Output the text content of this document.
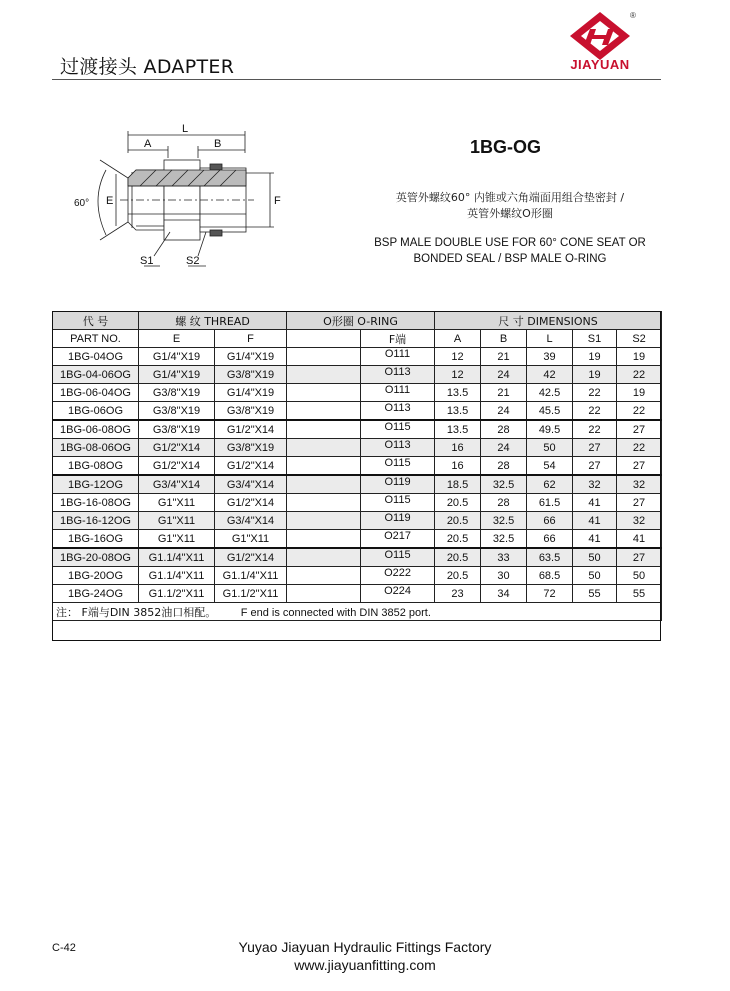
过渡接头 ADAPTER
®
JIAYUAN
L
A	B
E	F
60°
S1	S2
1BG-OG
英管外螺纹60° 内锥或六角端面用组合垫密封 /
英管外螺纹O形圈
BSP MALE DOUBLE USE FOR 60° CONE SEAT OR
BONDED SEAL / BSP MALE O-RING
代 号	螺 纹 THREAD		O形圈 O-RING		尺 寸 DIMENSIONS				
PART NO.	E	F		F端	A	B	L	S1	S2
1BG-04OG	G1/4"X19	G1/4"X19		O111	12	21	39	19	19
1BG-04-06OG	G1/4"X19	G3/8"X19		O113	12	24	42	19	22
1BG-06-04OG	G3/8"X19	G1/4"X19		O111	13.5	21	42.5	22	19
1BG-06OG	G3/8"X19	G3/8"X19		O113	13.5	24	45.5	22	22
1BG-06-08OG	G3/8"X19	G1/2"X14		O115	13.5	28	49.5	22	27
1BG-08-06OG	G1/2"X14	G3/8"X19		O113	16	24	50	27	22
1BG-08OG	G1/2"X14	G1/2"X14		O115	16	28	54	27	27
1BG-12OG	G3/4"X14	G3/4"X14		O119	18.5	32.5	62	32	32
1BG-16-08OG	G1"X11	G1/2"X14		O115	20.5	28	61.5	41	27
1BG-16-12OG	G1"X11	G3/4"X14		O119	20.5	32.5	66	41	32
1BG-16OG	G1"X11	G1"X11		O217	20.5	32.5	66	41	41
1BG-20-08OG	G1.1/4"X11	G1/2"X14		O115	20.5	33	63.5	50	27
1BG-20OG	G1.1/4"X11	G1.1/4"X11		O222	20.5	30	68.5	50	50
1BG-24OG	G1.1/2"X11	G1.1/2"X11		O224	23	34	72	55	55
注： F端与DIN 3852油口相配。 F end is connected with DIN 3852 port.									
C-42	Yuyao Jiayuan Hydraulic Fittings Factory
www.jiayuanfitting.com
